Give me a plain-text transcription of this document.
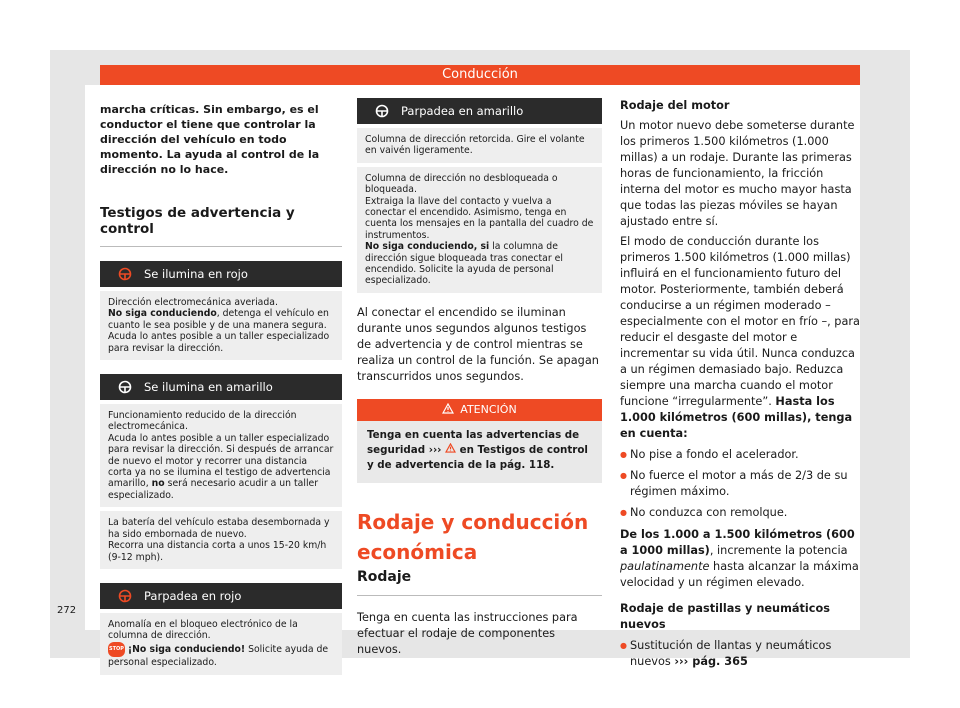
Conducción
272
marcha críticas. Sin embargo, es el conductor el tiene que controlar la dirección del vehículo en todo momento. La ayuda al control de la dirección no lo hace.
Testigos de advertencia y control
Se ilumina en rojo
Dirección electromecánica averiada.
No siga conduciendo, detenga el vehículo en cuanto le sea posible y de una manera segura.
Acuda lo antes posible a un taller especializado para revisar la dirección.
Se ilumina en amarillo
Funcionamiento reducido de la dirección electromecánica.
Acuda lo antes posible a un taller especializado para revisar la dirección. Si después de arrancar de nuevo el motor y recorrer una distancia corta ya no se ilumina el testigo de advertencia amarillo, no será necesario acudir a un taller especializado.
La batería del vehículo estaba desembornada y ha sido embornada de nuevo.
Recorra una distancia corta a unos 15-20 km/h (9-12 mph).
Parpadea en rojo
Anomalía en el bloqueo electrónico de la columna de dirección.
STOP ¡No siga conduciendo! Solicite ayuda de personal especializado.
Parpadea en amarillo
Columna de dirección retorcida. Gire el volante en vaivén ligeramente.
Columna de dirección no desbloqueada o bloqueada.
Extraiga la llave del contacto y vuelva a conectar el encendido. Asimismo, tenga en cuenta los mensajes en la pantalla del cuadro de instrumentos.
No siga conduciendo, si la columna de dirección sigue bloqueada tras conectar el encendido. Solicite la ayuda de personal especializado.
Al conectar el encendido se iluminan durante unos segundos algunos testigos de advertencia y de control mientras se realiza un control de la función. Se apagan transcurridos unos segundos.
ATENCIÓN
Tenga en cuenta las advertencias de seguridad ›››  en Testigos de control y de advertencia de la pág. 118.
Rodaje y conducción económica
Rodaje
Tenga en cuenta las instrucciones para efectuar el rodaje de componentes nuevos.
Rodaje del motor
Un motor nuevo debe someterse durante los primeros 1.500 kilómetros (1.000 millas) a un rodaje. Durante las primeras horas de funcionamiento, la fricción interna del motor es mucho mayor hasta que todas las piezas móviles se hayan ajustado entre sí.
El modo de conducción durante los primeros 1.500 kilómetros (1.000 millas) influirá en el funcionamiento futuro del motor. Posteriormente, también deberá conducirse a un régimen moderado – especialmente con el motor en frío –, para reducir el desgaste del motor e incrementar su vida útil. Nunca conduzca a un régimen demasiado bajo. Reduzca siempre una marcha cuando el motor funcione “irregularmente”. Hasta los 1.000 kilómetros (600 millas), tenga en cuenta:
● No pise a fondo el acelerador.
● No fuerce el motor a más de 2/3 de su régimen máximo.
● No conduzca con remolque.
De los 1.000 a 1.500 kilómetros (600 a 1000 millas), incremente la potencia paulatinamente hasta alcanzar la máxima velocidad y un régimen elevado.
Rodaje de pastillas y neumáticos nuevos
● Sustitución de llantas y neumáticos nuevos ››› pág. 365
